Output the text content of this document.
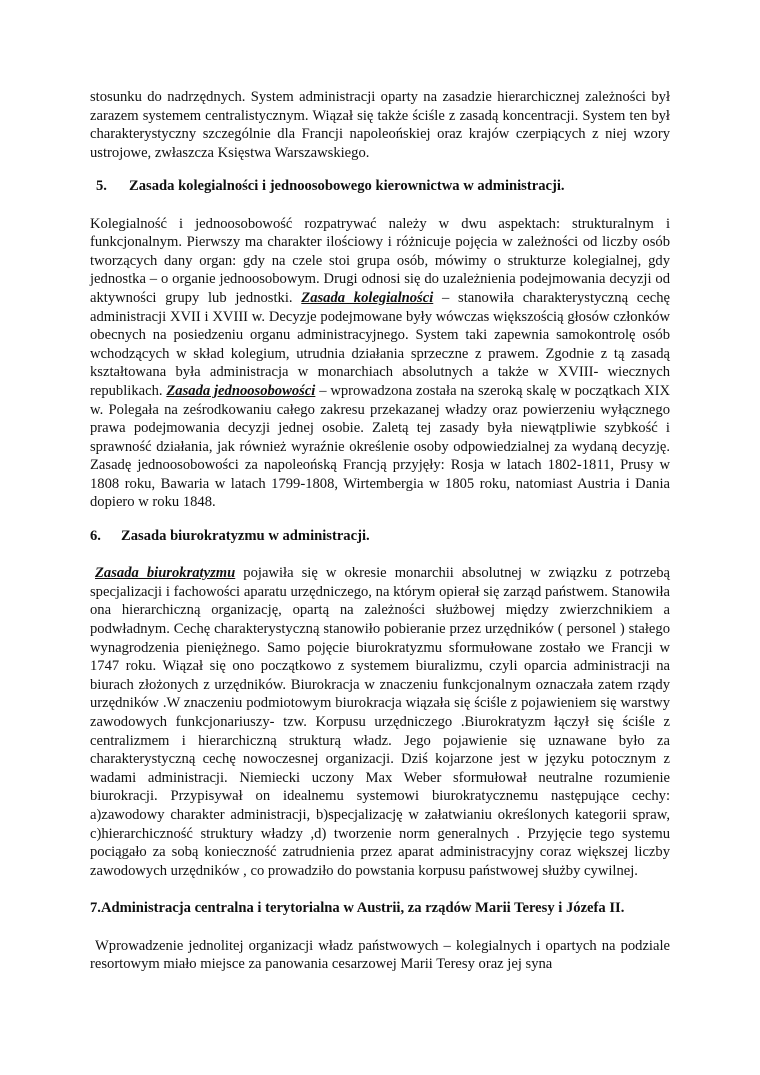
stosunku do nadrzędnych. System administracji oparty na zasadzie hierarchicznej zależności był zarazem systemem centralistycznym. Wiązał się także ściśle z zasadą koncentracji. System ten był charakterystyczny szczególnie dla Francji napoleońskiej oraz krajów czerpiących z niej wzory ustrojowe, zwłaszcza Księstwa Warszawskiego.

5. Zasada kolegialności i jednoosobowego kierownictwa w administracji.

Kolegialność i jednoosobowość rozpatrywać należy w dwu aspektach: strukturalnym i funkcjonalnym. Pierwszy ma charakter ilościowy i różnicuje pojęcia w zależności od liczby osób tworzących dany organ: gdy na czele stoi grupa osób, mówimy o strukturze kolegialnej, gdy jednostka – o organie jednoosobowym. Drugi odnosi się do uzależnienia podejmowania decyzji od aktywności grupy lub jednostki. Zasada kolegialności – stanowiła charakterystyczną cechę administracji XVII i XVIII w. Decyzje podejmowane były wówczas większością głosów członków obecnych na posiedzeniu organu administracyjnego. System taki zapewnia samokontrolę osób wchodzących w skład kolegium, utrudnia działania sprzeczne z prawem. Zgodnie z tą zasadą kształtowana była administracja w monarchiach absolutnych a także w XVIII- wiecznych republikach. Zasada jednoosobowości – wprowadzona została na szeroką skalę w początkach XIX w. Polegała na ześrodkowaniu całego zakresu przekazanej władzy oraz powierzeniu wyłącznego prawa podejmowania decyzji jednej osobie. Zaletą tej zasady była niewątpliwie szybkość i sprawność działania, jak również wyraźnie określenie osoby odpowiedzialnej za wydaną decyzję. Zasadę jednoosobowości za napoleońską Francją przyjęły: Rosja w latach 1802-1811, Prusy w 1808 roku, Bawaria w latach 1799-1808, Wirtembergia w 1805 roku, natomiast Austria i Dania dopiero w roku 1848.

6. Zasada biurokratyzmu w administracji.

Zasada biurokratyzmu pojawiła się w okresie monarchii absolutnej w związku z potrzebą specjalizacji i fachowości aparatu urzędniczego, na którym opierał się zarząd państwem. Stanowiła ona hierarchiczną organizację, opartą na zależności służbowej między zwierzchnikiem a podwładnym. Cechę charakterystyczną stanowiło pobieranie przez urzędników ( personel ) stałego wynagrodzenia pieniężnego. Samo pojęcie biurokratyzmu sformułowane zostało we Francji w 1747 roku. Wiązał się ono początkowo z systemem biuralizmu, czyli oparcia administracji na biurach złożonych z urzędników. Biurokracja w znaczeniu funkcjonalnym oznaczała zatem rządy urzędników .W znaczeniu podmiotowym biurokracja wiązała się ściśle z pojawieniem się warstwy zawodowych funkcjonariuszy- tzw. Korpusu urzędniczego .Biurokratyzm łączył się ściśle z centralizmem i hierarchiczną strukturą władz. Jego pojawienie się uznawane było za charakterystyczną cechę nowoczesnej organizacji. Dziś kojarzone jest w języku potocznym z wadami administracji. Niemiecki uczony Max Weber sformułował neutralne rozumienie biurokracji. Przypisywał on idealnemu systemowi biurokratycznemu następujące cechy: a)zawodowy charakter administracji, b)specjalizację w załatwianiu określonych kategorii spraw, c)hierarchiczność struktury władzy ,d) tworzenie norm generalnych . Przyjęcie tego systemu pociągało za sobą konieczność zatrudnienia przez aparat administracyjny coraz większej liczby zawodowych urzędników , co prowadziło do powstania korpusu państwowej służby cywilnej.

7.Administracja centralna i terytorialna w Austrii, za rządów Marii Teresy i Józefa II.

Wprowadzenie jednolitej organizacji władz państwowych – kolegialnych i opartych na podziale resortowym miało miejsce za panowania cesarzowej Marii Teresy oraz jej syna
